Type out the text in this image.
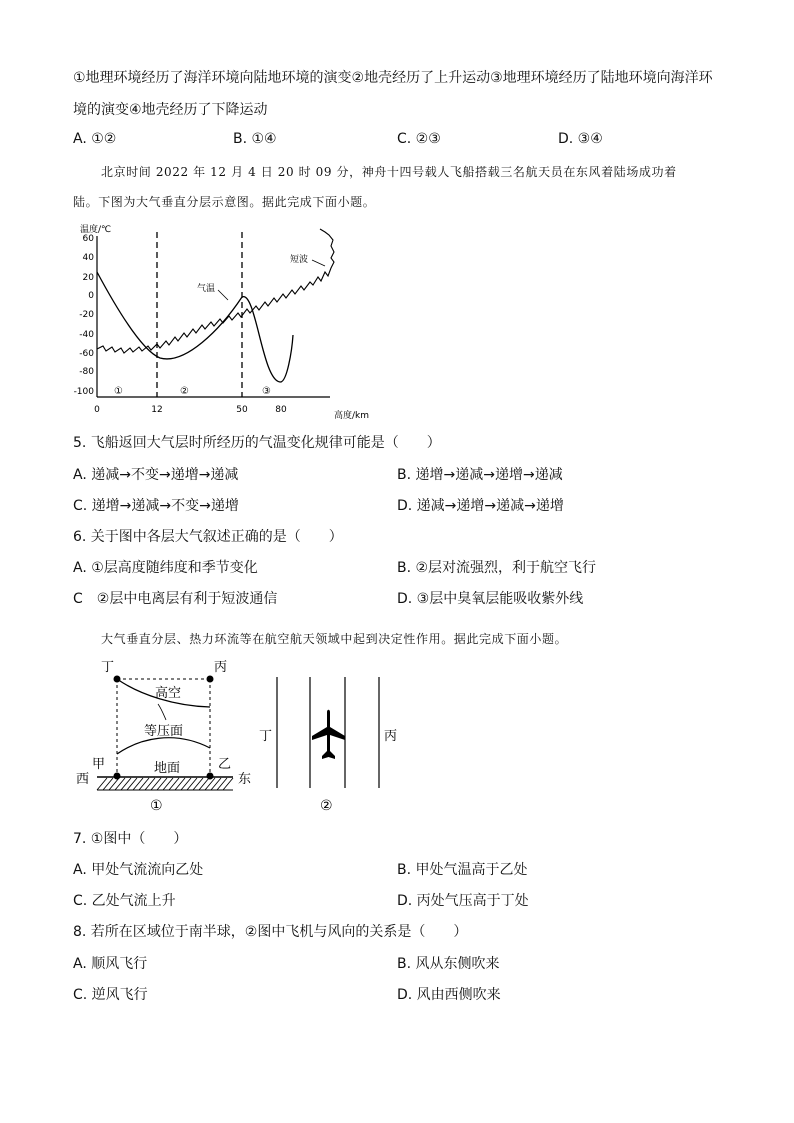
①地理环境经历了海洋环境向陆地环境的演变②地壳经历了上升运动③地理环境经历了陆地环境向海洋环
境的演变④地壳经历了下降运动
A. ①②	B. ①④	C. ②③	D. ③④
北京时间 2022 年 12 月 4 日 20 时 09 分，神舟十四号载人飞船搭载三名航天员在东风着陆场成功着
陆。下图为大气垂直分层示意图。据此完成下面小题。
温度/℃
高度/km
60
40
20
0
-20
-40
-60
-80
-100
0	12	50	80
气温
短波
①	②	③
5. 飞船返回大气层时所经历的气温变化规律可能是（　　）
A. 递减→不变→递增→递减	B. 递增→递减→递增→递减
C. 递增→递减→不变→递增	D. 递减→递增→递减→递增
6. 关于图中各层大气叙述正确的是（　　）
A. ①层高度随纬度和季节变化	B. ②层对流强烈，利于航空飞行
C　②层中电离层有利于短波通信	D. ③层中臭氧层能吸收紫外线
大气垂直分层、热力环流等在航空航天领域中起到决定性作用。据此完成下面小题。
丁	丙
高空
等压面
地面
甲	乙
西	东
①
丁	丙
②
7. ①图中（　　）
A. 甲处气流流向乙处	B. 甲处气温高于乙处
C. 乙处气流上升	D. 丙处气压高于丁处
8. 若所在区域位于南半球，②图中飞机与风向的关系是（　　）
A. 顺风飞行	B. 风从东侧吹来
C. 逆风飞行	D. 风由西侧吹来
